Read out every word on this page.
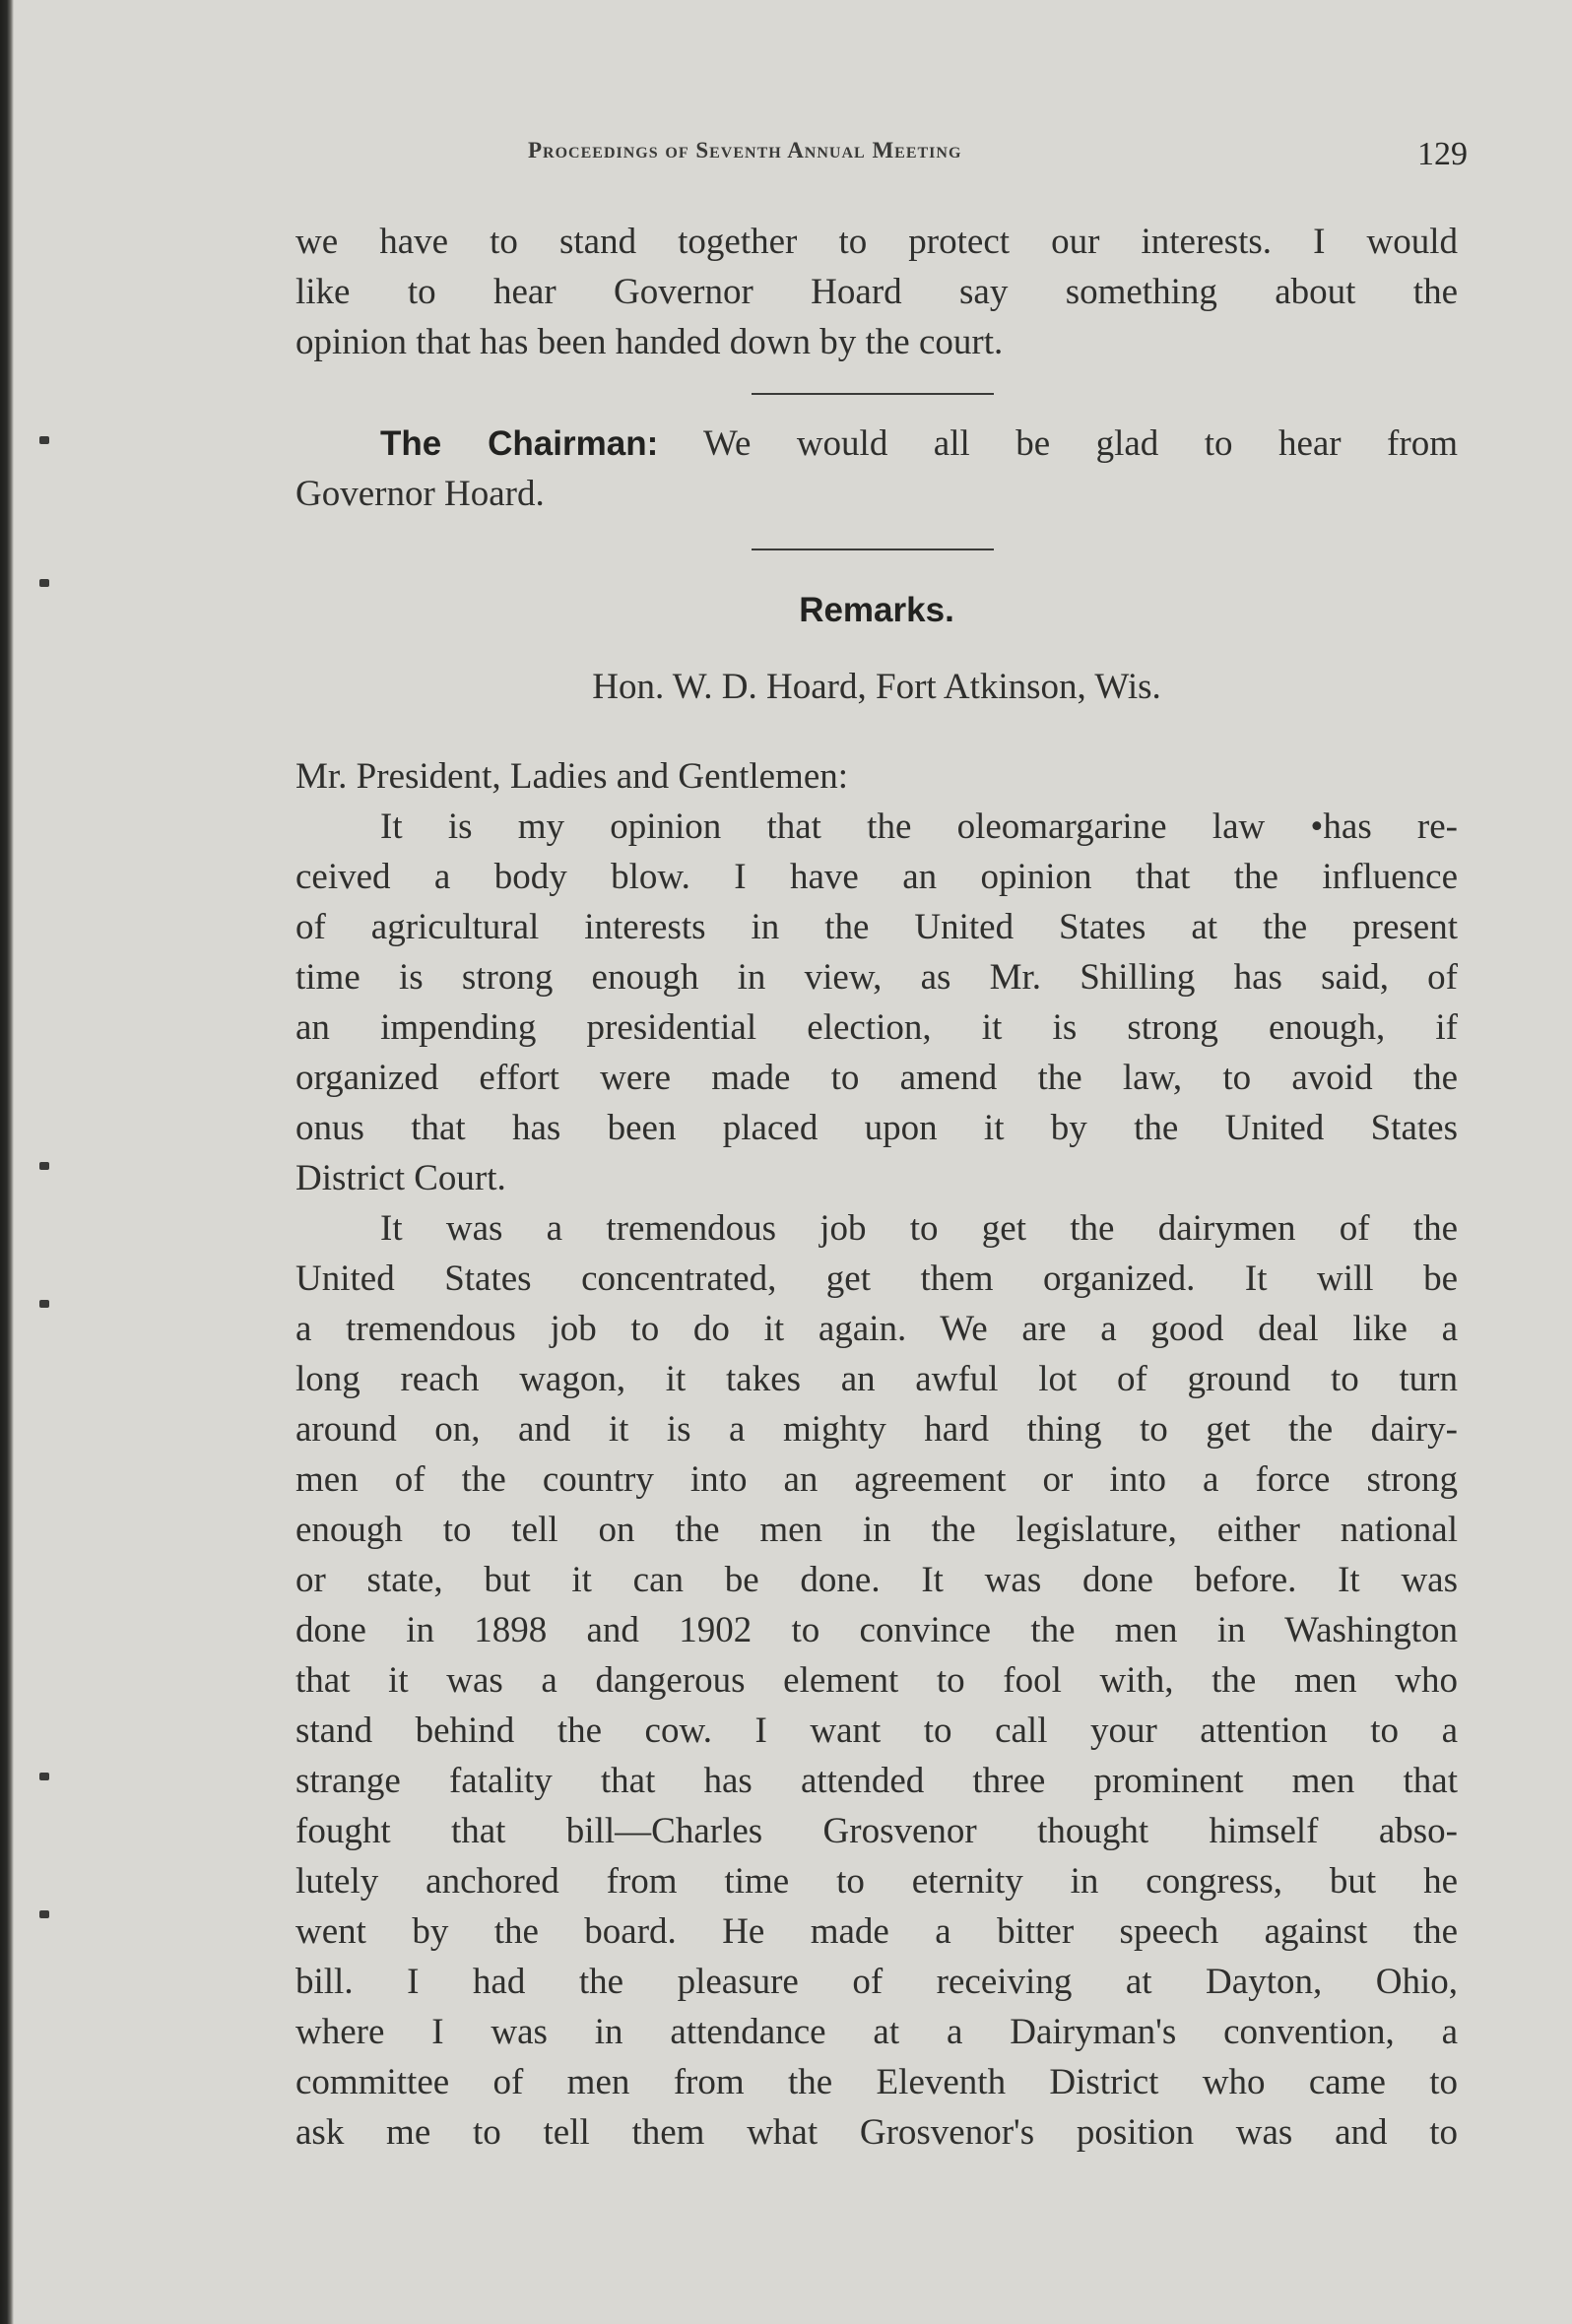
Proceedings of Seventh Annual Meeting	129
we have to stand together to protect our interests. I would
like to hear Governor Hoard say something about the
opinion that has been handed down by the court.
The Chairman: We would all be glad to hear from
Governor Hoard.
Remarks.
Hon. W. D. Hoard, Fort Atkinson, Wis.
Mr. President, Ladies and Gentlemen:
It is my opinion that the oleomargarine law •has re-
ceived a body blow. I have an opinion that the influence
of agricultural interests in the United States at the present
time is strong enough in view, as Mr. Shilling has said, of
an impending presidential election, it is strong enough, if
organized effort were made to amend the law, to avoid the
onus that has been placed upon it by the United States
District Court.
It was a tremendous job to get the dairymen of the
United States concentrated, get them organized. It will be
a tremendous job to do it again. We are a good deal like a
long reach wagon, it takes an awful lot of ground to turn
around on, and it is a mighty hard thing to get the dairy-
men of the country into an agreement or into a force strong
enough to tell on the men in the legislature, either national
or state, but it can be done. It was done before. It was
done in 1898 and 1902 to convince the men in Washington
that it was a dangerous element to fool with, the men who
stand behind the cow. I want to call your attention to a
strange fatality that has attended three prominent men that
fought that bill—Charles Grosvenor thought himself abso-
lutely anchored from time to eternity in congress, but he
went by the board. He made a bitter speech against the
bill. I had the pleasure of receiving at Dayton, Ohio,
where I was in attendance at a Dairyman's convention, a
committee of men from the Eleventh District who came to
ask me to tell them what Grosvenor's position was and to
